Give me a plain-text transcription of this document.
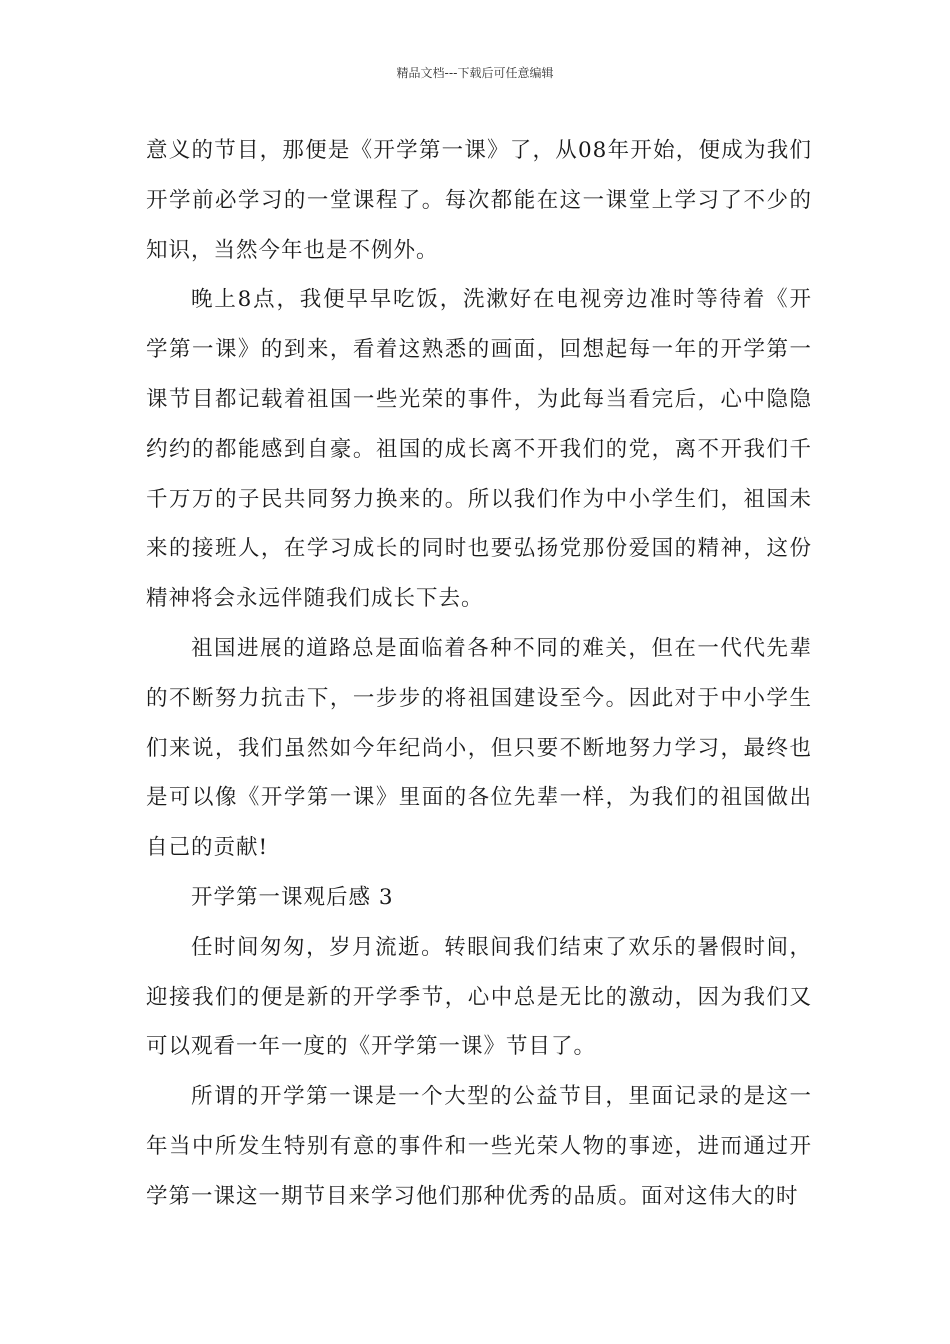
精品文档---下载后可任意编辑

意义的节目，那便是《开学第一课》了，从08年开始，便成为我们开学前必学习的一堂课程了。每次都能在这一课堂上学习了不少的知识，当然今年也是不例外。

晚上8点，我便早早吃饭，洗漱好在电视旁边准时等待着《开学第一课》的到来，看着这熟悉的画面，回想起每一年的开学第一课节目都记载着祖国一些光荣的事件，为此每当看完后，心中隐隐约约的都能感到自豪。祖国的成长离不开我们的党，离不开我们千千万万的子民共同努力换来的。所以我们作为中小学生们，祖国未来的接班人，在学习成长的同时也要弘扬党那份爱国的精神，这份精神将会永远伴随我们成长下去。

祖国进展的道路总是面临着各种不同的难关，但在一代代先辈的不断努力抗击下，一步步的将祖国建设至今。因此对于中小学生们来说，我们虽然如今年纪尚小，但只要不断地努力学习，最终也是可以像《开学第一课》里面的各位先辈一样，为我们的祖国做出自己的贡献!

开学第一课观后感 3

任时间匆匆，岁月流逝。转眼间我们结束了欢乐的暑假时间，迎接我们的便是新的开学季节，心中总是无比的激动，因为我们又可以观看一年一度的《开学第一课》节目了。

所谓的开学第一课是一个大型的公益节目，里面记录的是这一年当中所发生特别有意的事件和一些光荣人物的事迹，进而通过开学第一课这一期节目来学习他们那种优秀的品质。面对这伟大的时
